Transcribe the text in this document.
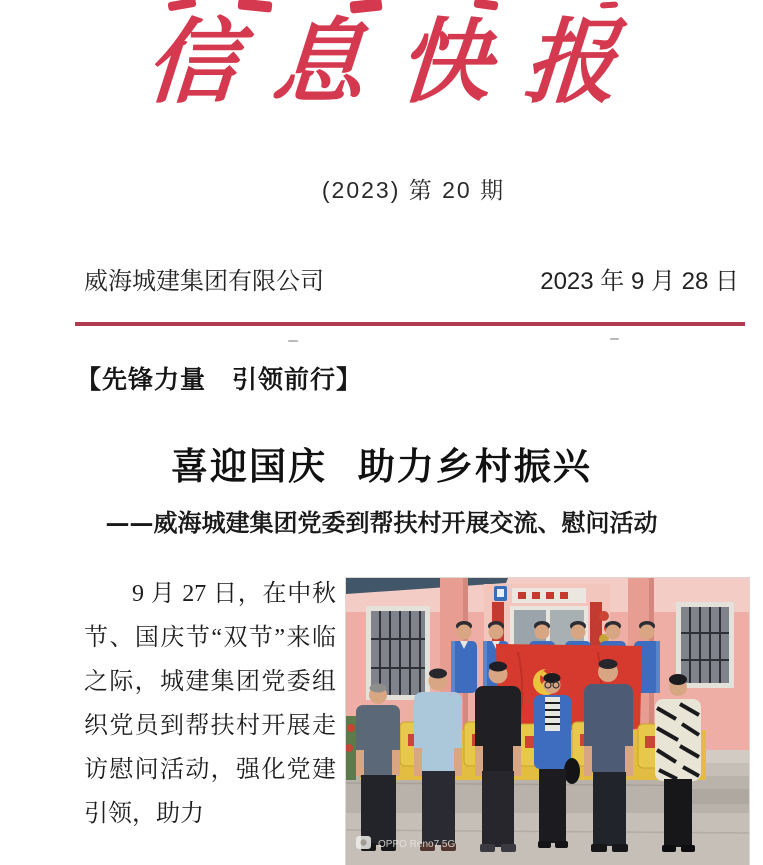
信息快报
(2023) 第 20 期
威海城建集团有限公司	2023 年 9 月 28 日
【先锋力量　引领前行】
喜迎国庆 助力乡村振兴
——威海城建集团党委到帮扶村开展交流、慰问活动
OPPO Reno7 5G

9 月 27 日，在中秋节、国庆节“双节”来临之际，城建集团党委组织党员到帮扶村开展走访慰问活动，强化党建引领，助力
